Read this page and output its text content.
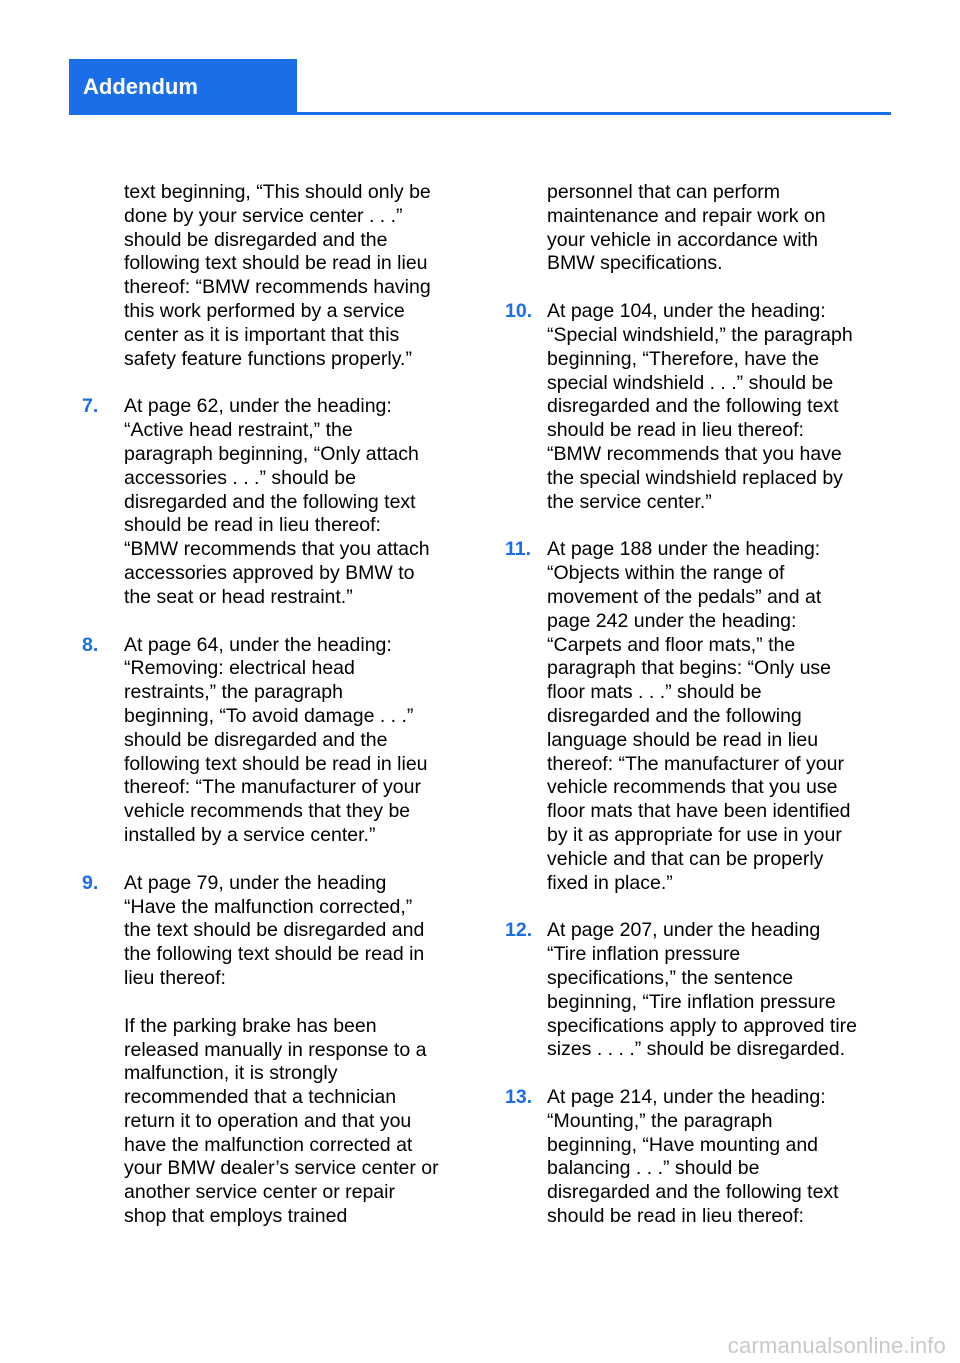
Addendum

text beginning, “This should only be
done by your service center . . .”
should be disregarded and the
following text should be read in lieu
thereof: “BMW recommends having
this work performed by a service
center as it is important that this
safety feature functions properly.”

7.	At page 62, under the heading:
“Active head restraint,” the
paragraph beginning, “Only attach
accessories . . .” should be
disregarded and the following text
should be read in lieu thereof:
“BMW recommends that you attach
accessories approved by BMW to
the seat or head restraint.”

8.	At page 64, under the heading:
“Removing: electrical head
restraints,” the paragraph
beginning, “To avoid damage . . .”
should be disregarded and the
following text should be read in lieu
thereof: “The manufacturer of your
vehicle recommends that they be
installed by a service center.”

9.	At page 79, under the heading
“Have the malfunction corrected,”
the text should be disregarded and
the following text should be read in
lieu thereof:

If the parking brake has been
released manually in response to a
malfunction, it is strongly
recommended that a technician
return it to operation and that you
have the malfunction corrected at
your BMW dealer’s service center or
another service center or repair
shop that employs trained

personnel that can perform
maintenance and repair work on
your vehicle in accordance with
BMW specifications.

10. At page 104, under the heading:
“Special windshield,” the paragraph
beginning, “Therefore, have the
special windshield . . .” should be
disregarded and the following text
should be read in lieu thereof:
“BMW recommends that you have
the special windshield replaced by
the service center.”

11. At page 188 under the heading:
“Objects within the range of
movement of the pedals” and at
page 242 under the heading:
“Carpets and floor mats,” the
paragraph that begins: “Only use
floor mats . . .” should be
disregarded and the following
language should be read in lieu
thereof: “The manufacturer of your
vehicle recommends that you use
floor mats that have been identified
by it as appropriate for use in your
vehicle and that can be properly
fixed in place.”

12. At page 207, under the heading
“Tire inflation pressure
specifications,” the sentence
beginning, “Tire inflation pressure
specifications apply to approved tire
sizes . . . .” should be disregarded.

13. At page 214, under the heading:
“Mounting,” the paragraph
beginning, “Have mounting and
balancing . . .” should be
disregarded and the following text
should be read in lieu thereof:

carmanualsonline.info
